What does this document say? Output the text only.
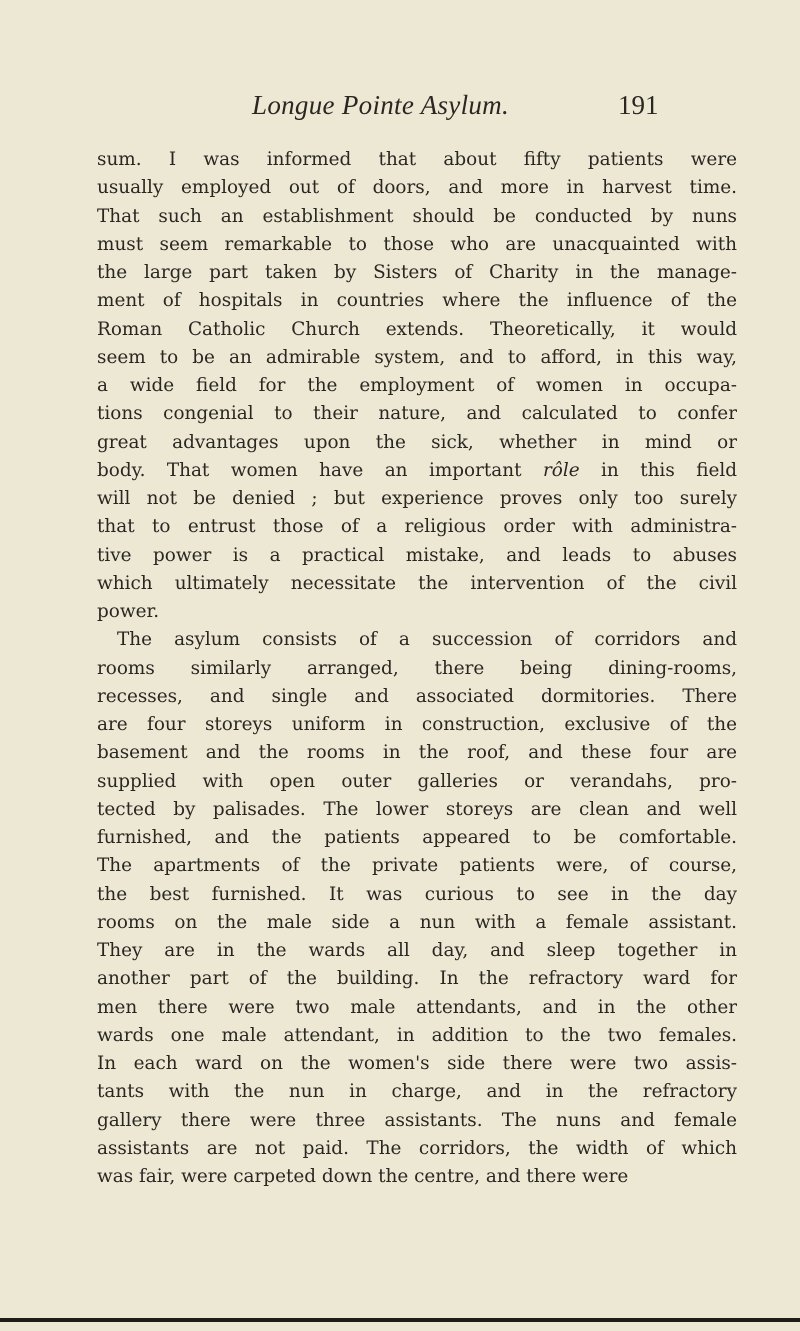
Longue Pointe Asylum.	191
sum. I was informed that about fifty patients were
usually employed out of doors, and more in harvest time.
That such an establishment should be conducted by nuns
must seem remarkable to those who are unacquainted with
the large part taken by Sisters of Charity in the manage-
ment of hospitals in countries where the influence of the
Roman Catholic Church extends. Theoretically, it would
seem to be an admirable system, and to afford, in this way,
a wide field for the employment of women in occupa-
tions congenial to their nature, and calculated to confer
great advantages upon the sick, whether in mind or
body. That women have an important rôle in this field
will not be denied ; but experience proves only too surely
that to entrust those of a religious order with administra-
tive power is a practical mistake, and leads to abuses
which ultimately necessitate the intervention of the civil
power.
The asylum consists of a succession of corridors and
rooms similarly arranged, there being dining-rooms,
recesses, and single and associated dormitories. There
are four storeys uniform in construction, exclusive of the
basement and the rooms in the roof, and these four are
supplied with open outer galleries or verandahs, pro-
tected by palisades. The lower storeys are clean and well
furnished, and the patients appeared to be comfortable.
The apartments of the private patients were, of course,
the best furnished. It was curious to see in the day
rooms on the male side a nun with a female assistant.
They are in the wards all day, and sleep together in
another part of the building. In the refractory ward for
men there were two male attendants, and in the other
wards one male attendant, in addition to the two females.
In each ward on the women's side there were two assis-
tants with the nun in charge, and in the refractory
gallery there were three assistants. The nuns and female
assistants are not paid. The corridors, the width of which
was fair, were carpeted down the centre, and there were
